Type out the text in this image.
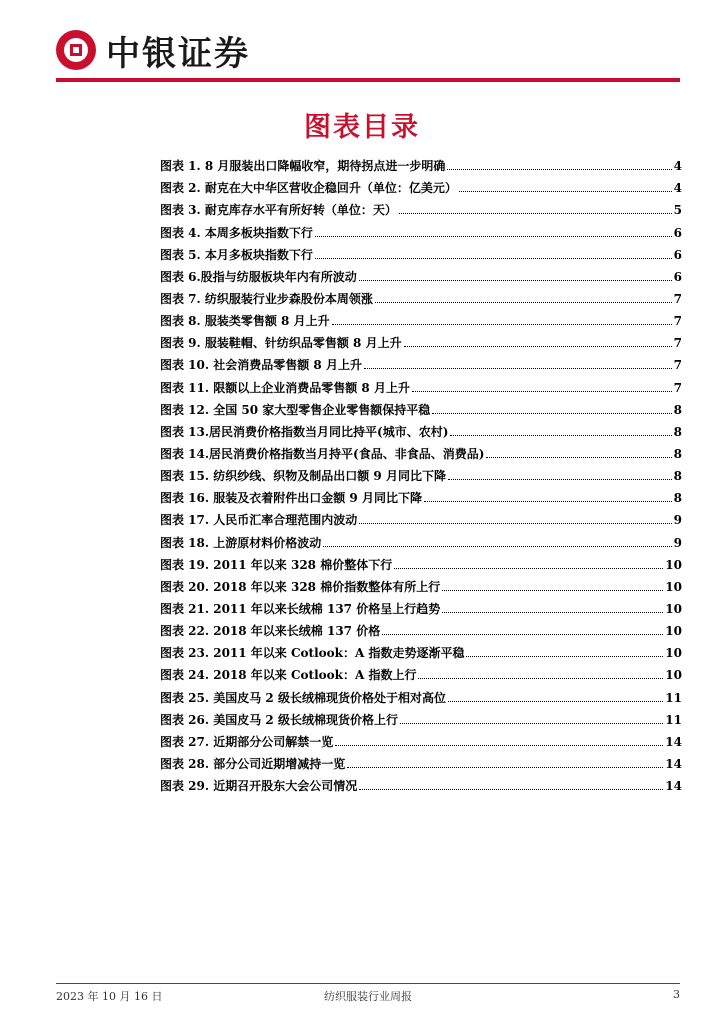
中银证券
图表目录
图表 1. 8 月服装出口降幅收窄，期待拐点进一步明确	4
图表 2. 耐克在大中华区营收企稳回升（单位：亿美元）	4
图表 3. 耐克库存水平有所好转（单位：天）	5
图表 4. 本周多板块指数下行	6
图表 5. 本月多板块指数下行	6
图表 6.股指与纺服板块年内有所波动	6
图表 7. 纺织服装行业步森股份本周领涨	7
图表 8. 服装类零售额 8 月上升	7
图表 9. 服装鞋帽、针纺织品零售额 8 月上升	7
图表 10. 社会消费品零售额 8 月上升	7
图表 11. 限额以上企业消费品零售额 8 月上升	7
图表 12. 全国 50 家大型零售企业零售额保持平稳	8
图表 13.居民消费价格指数当月同比持平(城市、农村)	8
图表 14.居民消费价格指数当月持平(食品、非食品、消费品)	8
图表 15. 纺织纱线、织物及制品出口额 9 月同比下降	8
图表 16. 服装及衣着附件出口金额 9 月同比下降	8
图表 17. 人民币汇率合理范围内波动	9
图表 18. 上游原材料价格波动	9
图表 19. 2011 年以来 328 棉价整体下行	10
图表 20. 2018 年以来 328 棉价指数整体有所上行	10
图表 21. 2011 年以来长绒棉 137 价格呈上行趋势	10
图表 22. 2018 年以来长绒棉 137 价格	10
图表 23. 2011 年以来 Cotlook：A 指数走势逐渐平稳	10
图表 24. 2018 年以来 Cotlook：A 指数上行	10
图表 25. 美国皮马 2 级长绒棉现货价格处于相对高位	11
图表 26. 美国皮马 2 级长绒棉现货价格上行	11
图表 27. 近期部分公司解禁一览	14
图表 28. 部分公司近期增减持一览	14
图表 29. 近期召开股东大会公司情况	14
2023 年 10 月 16 日	纺织服装行业周报	3
